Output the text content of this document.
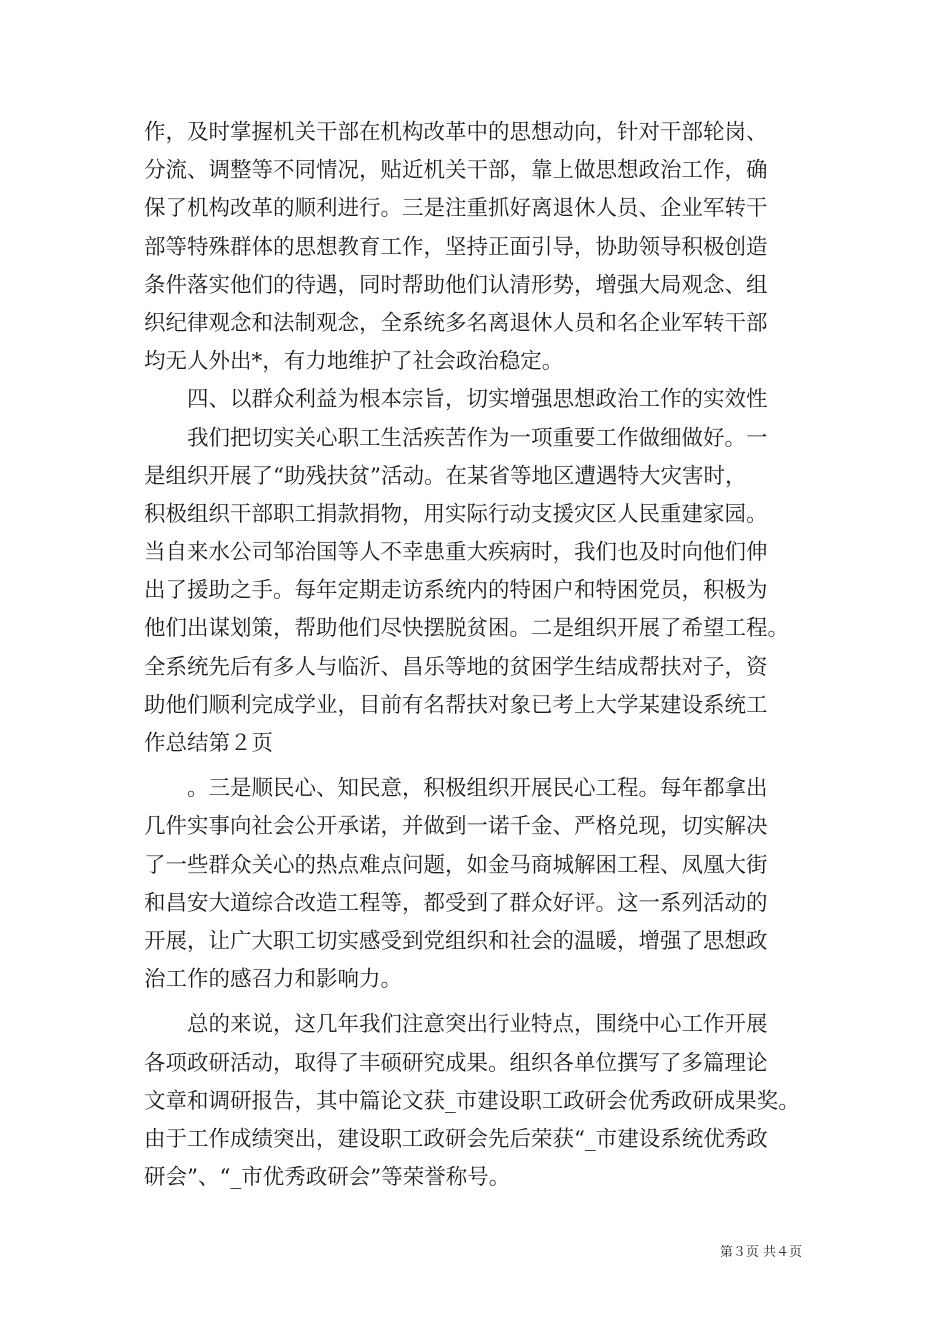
作，及时掌握机关干部在机构改革中的思想动向，针对干部轮岗、
分流、调整等不同情况，贴近机关干部，靠上做思想政治工作，确
保了机构改革的顺利进行。三是注重抓好离退休人员、企业军转干
部等特殊群体的思想教育工作，坚持正面引导，协助领导积极创造
条件落实他们的待遇，同时帮助他们认清形势，增强大局观念、组
织纪律观念和法制观念，全系统多名离退休人员和名企业军转干部
均无人外出*，有力地维护了社会政治稳定。
　　四、以群众利益为根本宗旨，切实增强思想政治工作的实效性
　　我们把切实关心职工生活疾苦作为一项重要工作做细做好。一
是组织开展了“助残扶贫”活动。在某省等地区遭遇特大灾害时，
积极组织干部职工捐款捐物，用实际行动支援灾区人民重建家园。
当自来水公司邹治国等人不幸患重大疾病时，我们也及时向他们伸
出了援助之手。每年定期走访系统内的特困户和特困党员，积极为
他们出谋划策，帮助他们尽快摆脱贫困。二是组织开展了希望工程。
全系统先后有多人与临沂、昌乐等地的贫困学生结成帮扶对子，资
助他们顺利完成学业，目前有名帮扶对象已考上大学某建设系统工
作总结第２页
　　。三是顺民心、知民意，积极组织开展民心工程。每年都拿出
几件实事向社会公开承诺，并做到一诺千金、严格兑现，切实解决
了一些群众关心的热点难点问题，如金马商城解困工程、凤凰大街
和昌安大道综合改造工程等，都受到了群众好评。这一系列活动的
开展，让广大职工切实感受到党组织和社会的温暖，增强了思想政
治工作的感召力和影响力。
　　总的来说，这几年我们注意突出行业特点，围绕中心工作开展
各项政研活动，取得了丰硕研究成果。组织各单位撰写了多篇理论
文章和调研报告，其中篇论文获_市建设职工政研会优秀政研成果奖。
由于工作成绩突出，建设职工政研会先后荣获“_市建设系统优秀政
研会”、“_市优秀政研会”等荣誉称号。
第３页 共４页
